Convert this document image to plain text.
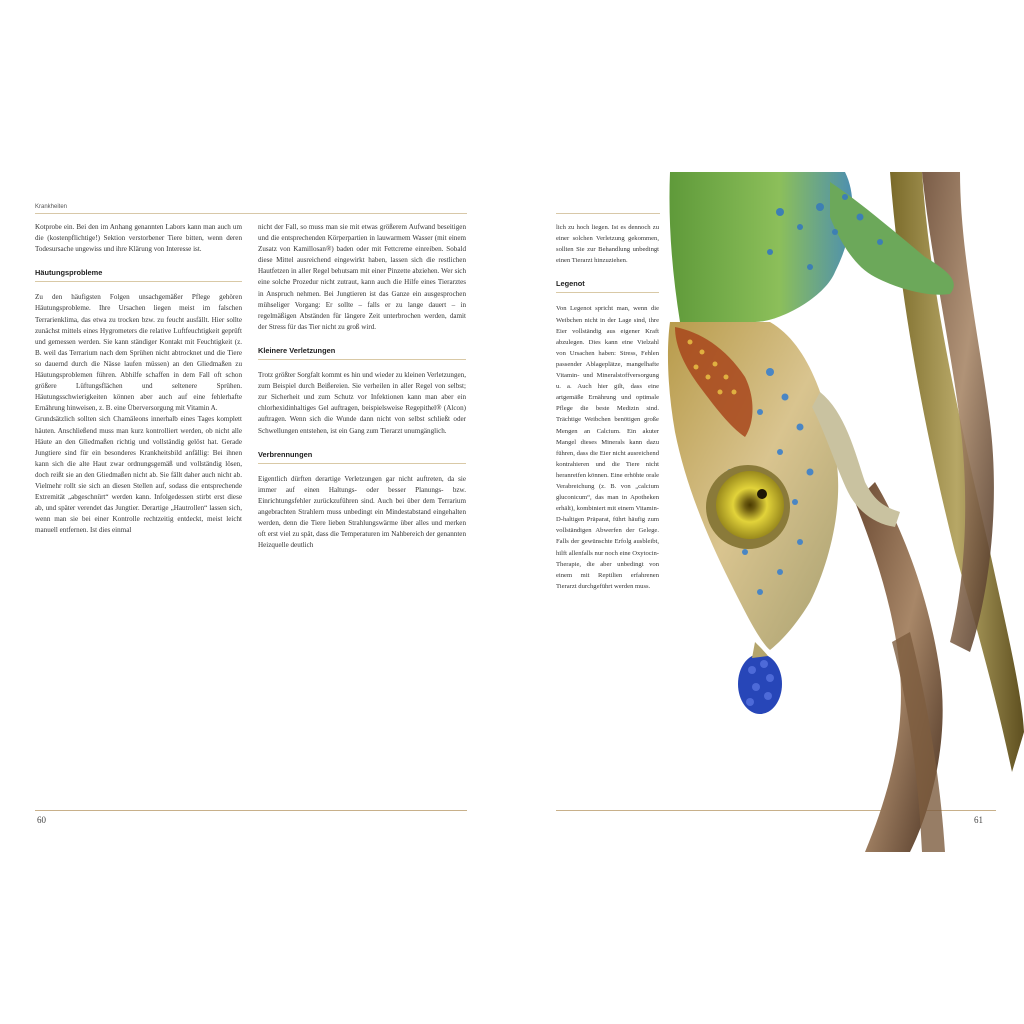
Krankheiten

Kotprobe ein. Bei den im Anhang genannten Labors kann man auch um die (kostenpflichtige!) Sektion verstorbener Tiere bitten, wenn deren Todesursache ungewiss und ihre Klärung von Interesse ist.

Häutungsprobleme

Zu den häufigsten Folgen unsachgemäßer Pflege gehören Häutungsprobleme. Ihre Ursachen liegen meist im falschen Terrarienklima, das etwa zu trocken bzw. zu feucht ausfällt. Hier sollte zunächst mittels eines Hygrometers die relative Luftfeuchtigkeit geprüft und gemessen werden. Sie kann ständiger Kontakt mit Feuchtigkeit (z. B. weil das Terrarium nach dem Sprühen nicht abtrocknet und die Tiere so dauernd durch die Nässe laufen müssen) an den Gliedmaßen zu Häutungsproblemen führen. Abhilfe schaffen in dem Fall oft schon größere Lüftungsflächen und seltenere Sprühen. Häutungsschwierigkeiten können aber auch auf eine fehlerhafte Ernährung hinweisen, z. B. eine Überversorgung mit Vitamin A.

Grundsätzlich sollten sich Chamäleons innerhalb eines Tages komplett häuten. Anschließend muss man kurz kontrolliert werden, ob nicht alle Häute an den Gliedmaßen richtig und vollständig gelöst hat. Gerade Jungtiere sind für ein besonderes Krankheitsbild anfällig: Bei ihnen kann sich die alte Haut zwar ordnungsgemäß und vollständig lösen, doch reißt sie an den Gliedmaßen nicht ab. Sie fällt daher auch nicht ab. Vielmehr rollt sie sich an diesen Stellen auf, sodass die entsprechende Extremität „abgeschnürt“ werden kann. Infolgedessen stirbt erst diese ab, und später verendet das Jungtier. Derartige „Hautrollen“ lassen sich, wenn man sie bei einer Kontrolle rechtzeitig entdeckt, meist leicht manuell entfernen. Ist dies einmal

nicht der Fall, so muss man sie mit etwas größerem Aufwand beseitigen und die entsprechenden Körperpartien in lauwarmem Wasser (mit einem Zusatz von Kamillosan®) baden oder mit Fettcreme einreiben. Sobald diese Mittel ausreichend eingewirkt haben, lassen sich die restlichen Hautfetzen in aller Regel behutsam mit einer Pinzette abziehen. Wer sich eine solche Prozedur nicht zutraut, kann auch die Hilfe eines Tierarztes in Anspruch nehmen. Bei Jungtieren ist das Ganze ein ausgesprochen mühseliger Vorgang: Er sollte – falls er zu lange dauert – in regelmäßigen Abständen für längere Zeit unterbrochen werden, damit der Stress für das Tier nicht zu groß wird.

Kleinere Verletzungen

Trotz größter Sorgfalt kommt es hin und wieder zu kleinen Verletzungen, zum Beispiel durch Beißereien. Sie verheilen in aller Regel von selbst; zur Sicherheit und zum Schutz vor Infektionen kann man aber ein chlorhexidinhaltiges Gel auftragen, beispielsweise Regepithel® (Alcon) auftragen. Wenn sich die Wunde dann nicht von selbst schließt oder Schwellungen entstehen, ist ein Gang zum Tierarzt unumgänglich.

Verbrennungen

Eigentlich dürften derartige Verletzungen gar nicht auftreten, da sie immer auf einen Haltungs- oder besser Planungs- bzw. Einrichtungsfehler zurückzuführen sind. Auch bei über dem Terrarium angebrachten Strahlern muss unbedingt ein Mindestabstand eingehalten werden, denn die Tiere lieben Strahlungswärme über alles und merken oft erst viel zu spät, dass die Temperaturen im Nahbereich der genannten Heizquelle deutlich

60

lich zu hoch liegen. Ist es dennoch zu einer solchen Verletzung gekommen, sollten Sie zur Behandlung unbedingt einen Tierarzt hinzuziehen.

Legenot

Von Legenot spricht man, wenn die Weibchen nicht in der Lage sind, ihre Eier vollständig aus eigener Kraft abzulegen. Dies kann eine Vielzahl von Ursachen haben: Stress, Fehlen passender Ablageplätze, mangelhafte Vitamin- und Mineralstoffversorgung u. a. Auch hier gilt, dass eine artgemäße Ernährung und optimale Pflege die beste Medizin sind. Trächtige Weibchen benötigen große Mengen an Calcium. Ein akuter Mangel dieses Minerals kann dazu führen, dass die Eier nicht ausreichend kontrahieren und die Tiere nicht heranreifen können. Eine erhöhte orale Verabreichung (z. B. von „calcium gluconicum“, das man in Apotheken erhält), kombiniert mit einem Vitamin-D-haltigen Präparat, führt häufig zum vollständigen Abwerfen der Gelege. Falls der gewünschte Erfolg ausbleibt, hilft allenfalls nur noch eine Oxytocin-Therapie, die aber unbedingt von einem mit Reptilien erfahrenen Tierarzt durchgeführt werden muss.

61
